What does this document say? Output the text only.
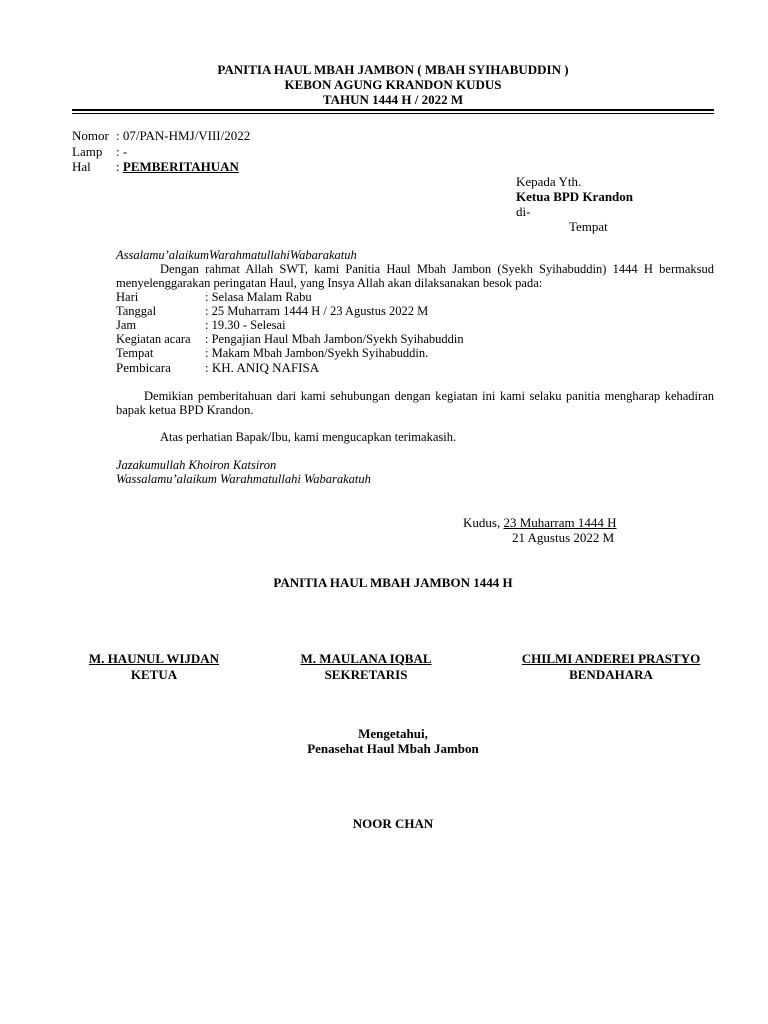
PANITIA HAUL MBAH JAMBON ( MBAH SYIHABUDDIN )
KEBON AGUNG KRANDON KUDUS
TAHUN 1444 H / 2022 M
Nomor : 07/PAN-HMJ/VIII/2022
Lamp : -
Hal : PEMBERITAHUAN
Kepada Yth.
Ketua BPD Krandon
di-
Tempat
Assalamu’alaikumWarahmatullahiWabarakatuh
Dengan rahmat Allah SWT, kami Panitia Haul Mbah Jambon (Syekh Syihabuddin) 1444 H bermaksud menyelenggarakan peringatan Haul, yang Insya Allah akan dilaksanakan besok pada:
Hari	: Selasa Malam Rabu
Tanggal	: 25 Muharram 1444 H / 23 Agustus 2022 M
Jam	: 19.30 - Selesai
Kegiatan acara : Pengajian Haul Mbah Jambon/Syekh Syihabuddin
Tempat	: Makam Mbah Jambon/Syekh Syihabuddin.
Pembicara	: KH. ANIQ NAFISA
Demikian pemberitahuan dari kami sehubungan dengan kegiatan ini kami selaku panitia mengharap kehadiran bapak ketua BPD Krandon.
Atas perhatian Bapak/Ibu, kami mengucapkan terimakasih.
Jazakumullah Khoiron Katsiron
Wassalamu’alaikum Warahmatullahi Wabarakatuh
Kudus, 23 Muharram 1444 H
21 Agustus 2022 M
PANITIA HAUL MBAH JAMBON 1444 H
M. HAUNUL WIJDAN
KETUA
M. MAULANA IQBAL
SEKRETARIS
CHILMI ANDEREI PRASTYO
BENDAHARA
Mengetahui,
Penasehat Haul Mbah Jambon
NOOR CHAN
